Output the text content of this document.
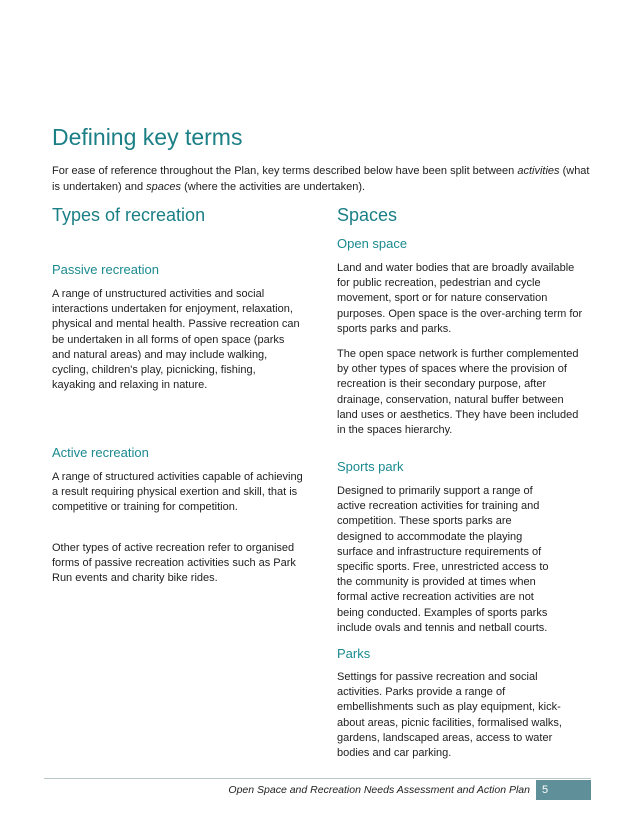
Defining key terms

For ease of reference throughout the Plan, key terms described below have been split between activities (what is undertaken) and spaces (where the activities are undertaken).

Types of recreation
Passive recreation

A range of unstructured activities and social interactions undertaken for enjoyment, relaxation, physical and mental health. Passive recreation can be undertaken in all forms of open space (parks and natural areas) and may include walking, cycling, children's play, picnicking, fishing, kayaking and relaxing in nature.

Active recreation

A range of structured activities capable of achieving a result requiring physical exertion and skill, that is competitive or training for competition.

Other types of active recreation refer to organised forms of passive recreation activities such as Park Run events and charity bike rides.

Spaces
Open space

Land and water bodies that are broadly available for public recreation, pedestrian and cycle movement, sport or for nature conservation purposes. Open space is the over-arching term for sports parks and parks.

The open space network is further complemented by other types of spaces where the provision of recreation is their secondary purpose, after drainage, conservation, natural buffer between land uses or aesthetics. They have been included in the spaces hierarchy.

Sports park

Designed to primarily support a range of active recreation activities for training and competition. These sports parks are designed to accommodate the playing surface and infrastructure requirements of specific sports. Free, unrestricted access to the community is provided at times when formal active recreation activities are not being conducted. Examples of sports parks include ovals and tennis and netball courts.

Parks

Settings for passive recreation and social activities. Parks provide a range of embellishments such as play equipment, kick-about areas, picnic facilities, formalised walks, gardens, landscaped areas, access to water bodies and car parking.

Open Space and Recreation Needs Assessment and Action Plan	5
